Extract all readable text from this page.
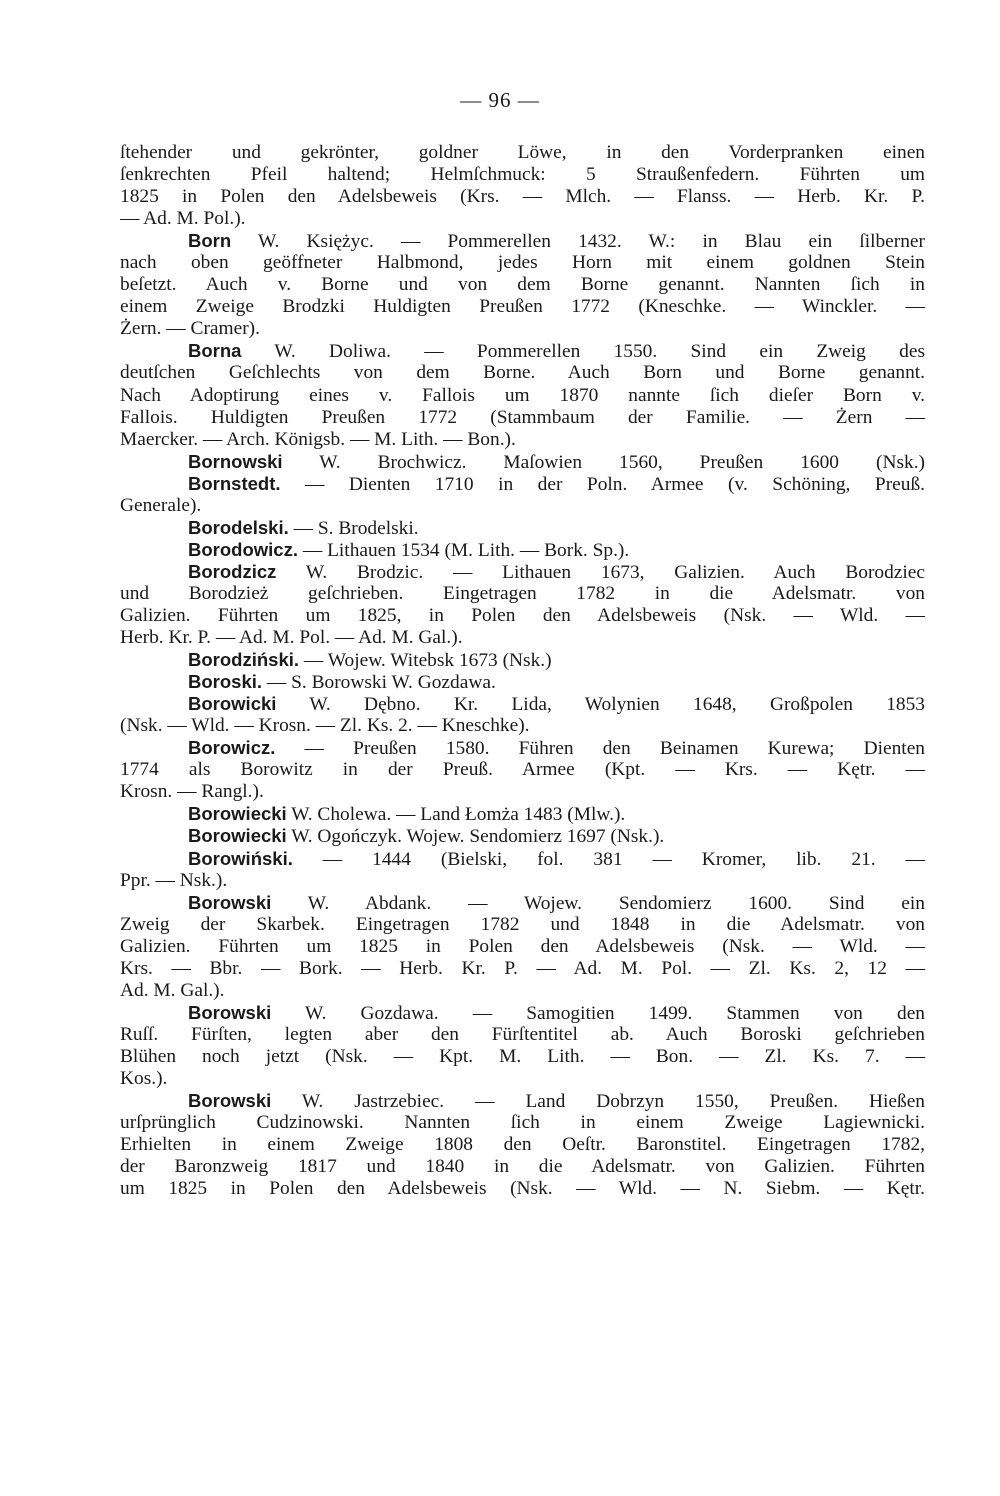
— 96 —
ſtehender und gekrönter, goldner Löwe, in den Vorderpranken einen
ſenkrechten Pfeil haltend; Helmſchmuck: 5 Straußenfedern. Führten um
1825 in Polen den Adelsbeweis (Krs. — Mlch. — Flanss. — Herb. Kr. P.
— Ad. M. Pol.).
Born W. Księżyc. — Pommerellen 1432. W.: in Blau ein ſilberner
nach oben geöffneter Halbmond, jedes Horn mit einem goldnen Stein
beſetzt. Auch v. Borne und von dem Borne genannt. Nannten ſich in
einem Zweige Brodzki Huldigten Preußen 1772 (Kneschke. — Winckler. —
Żern. — Cramer).
Borna W. Doliwa. — Pommerellen 1550. Sind ein Zweig des
deutſchen Geſchlechts von dem Borne. Auch Born und Borne genannt.
Nach Adoptirung eines v. Fallois um 1870 nannte ſich dieſer Born v.
Fallois. Huldigten Preußen 1772 (Stammbaum der Familie. — Żern —
Maercker. — Arch. Königsb. — M. Lith. — Bon.).
Bornowski W. Brochwicz. Maſowien 1560, Preußen 1600 (Nsk.)
Bornstedt. — Dienten 1710 in der Poln. Armee (v. Schöning, Preuß.
Generale).
Borodelski. — S. Brodelski.
Borodowicz. — Lithauen 1534 (M. Lith. — Bork. Sp.).
Borodzicz W. Brodzic. — Lithauen 1673, Galizien. Auch Borodziec
und Borodzież geſchrieben. Eingetragen 1782 in die Adelsmatr. von
Galizien. Führten um 1825, in Polen den Adelsbeweis (Nsk. — Wld. —
Herb. Kr. P. — Ad. M. Pol. — Ad. M. Gal.).
Borodziński. — Wojew. Witebsk 1673 (Nsk.)
Boroski. — S. Borowski W. Gozdawa.
Borowicki W. Dębno. Kr. Lida, Wolynien 1648, Großpolen 1853
(Nsk. — Wld. — Krosn. — Zl. Ks. 2. — Kneschke).
Borowicz. — Preußen 1580. Führen den Beinamen Kurewa; Dienten
1774 als Borowitz in der Preuß. Armee (Kpt. — Krs. — Kętr. —
Krosn. — Rangl.).
Borowiecki W. Cholewa. — Land Łomża 1483 (Mlw.).
Borowiecki W. Ogończyk. Wojew. Sendomierz 1697 (Nsk.).
Borowiński. — 1444 (Bielski, fol. 381 — Kromer, lib. 21. —
Ppr. — Nsk.).
Borowski W. Abdank. — Wojew. Sendomierz 1600. Sind ein
Zweig der Skarbek. Eingetragen 1782 und 1848 in die Adelsmatr. von
Galizien. Führten um 1825 in Polen den Adelsbeweis (Nsk. — Wld. —
Krs. — Bbr. — Bork. — Herb. Kr. P. — Ad. M. Pol. — Zl. Ks. 2, 12 —
Ad. M. Gal.).
Borowski W. Gozdawa. — Samogitien 1499. Stammen von den
Ruſſ. Fürſten, legten aber den Fürſtentitel ab. Auch Boroski geſchrieben
Blühen noch jetzt (Nsk. — Kpt. M. Lith. — Bon. — Zl. Ks. 7. —
Kos.).
Borowski W. Jastrzebiec. — Land Dobrzyn 1550, Preußen. Hießen
urſprünglich Cudzinowski. Nannten ſich in einem Zweige Lagiewnicki.
Erhielten in einem Zweige 1808 den Oeſtr. Baronstitel. Eingetragen 1782,
der Baronzweig 1817 und 1840 in die Adelsmatr. von Galizien. Führten
um 1825 in Polen den Adelsbeweis (Nsk. — Wld. — N. Siebm. — Kętr.
